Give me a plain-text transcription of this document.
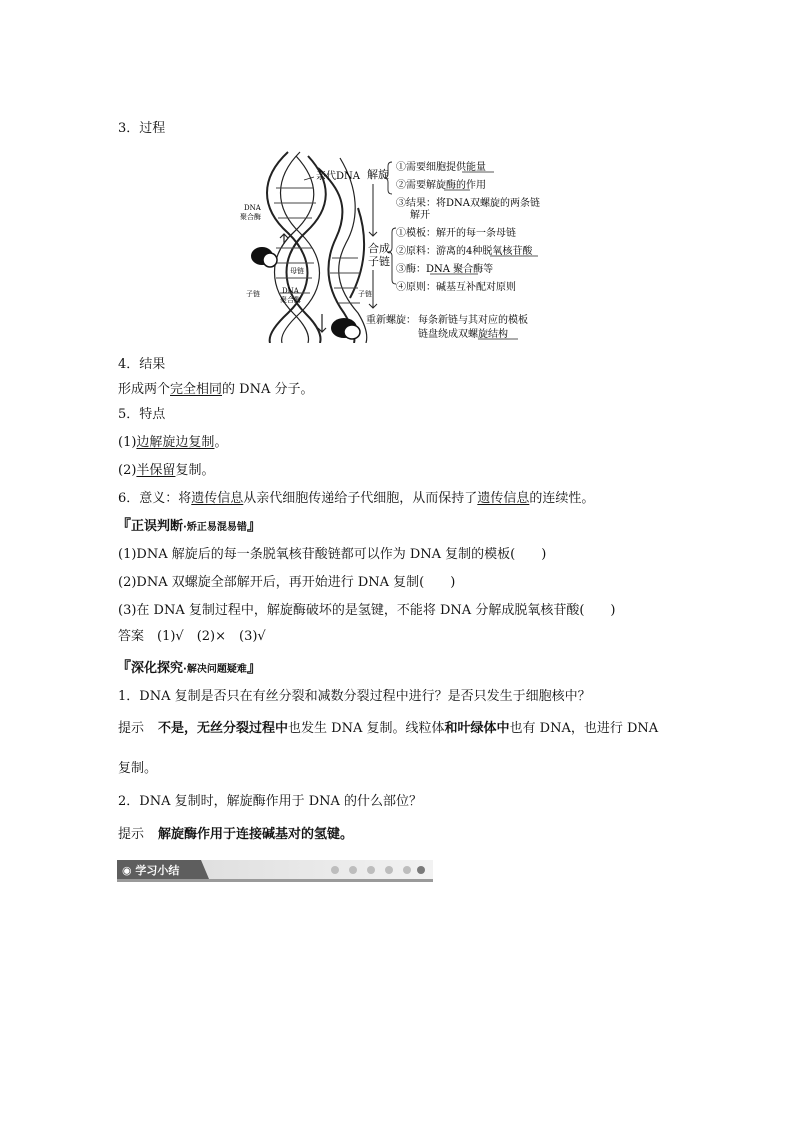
3．过程
亲代DNA
DNA
聚合酶
母链
子链	DNA
聚合酶
子链
解旋
①需要细胞提供能量
②需要解旋酶的作用
③结果：将DNA双螺旋的两条链
解开
合成
子链
①模板：解开的每一条母链
②原料：游离的4种脱氧核苷酸
③酶：DNA 聚合酶等
④原则：碱基互补配对原则
重新螺旋： 每条新链与其对应的模板
链盘绕成双螺旋结构
4．结果
形成两个完全相同的 DNA 分子。
5．特点
(1)边解旋边复制。
(2)半保留复制。
6．意义：将遗传信息从亲代细胞传递给子代细胞，从而保持了遗传信息的连续性。
『正误判断·矫正易混易错』
(1)DNA 解旋后的每一条脱氧核苷酸链都可以作为 DNA 复制的模板(　　)
(2)DNA 双螺旋全部解开后，再开始进行 DNA 复制(　　)
(3)在 DNA 复制过程中，解旋酶破坏的是氢键，不能将 DNA 分解成脱氧核苷酸(　　)
答案　(1)√　(2)×　(3)√
『深化探究·解决问题疑难』
1．DNA 复制是否只在有丝分裂和减数分裂过程中进行？是否只发生于细胞核中？
提示 不是，无丝分裂过程中也发生 DNA 复制。线粒体和叶绿体中也有 DNA，也进行 DNA
复制。
2．DNA 复制时，解旋酶作用于 DNA 的什么部位？
提示 解旋酶作用于连接碱基对的氢键。
◉ 学习小结
